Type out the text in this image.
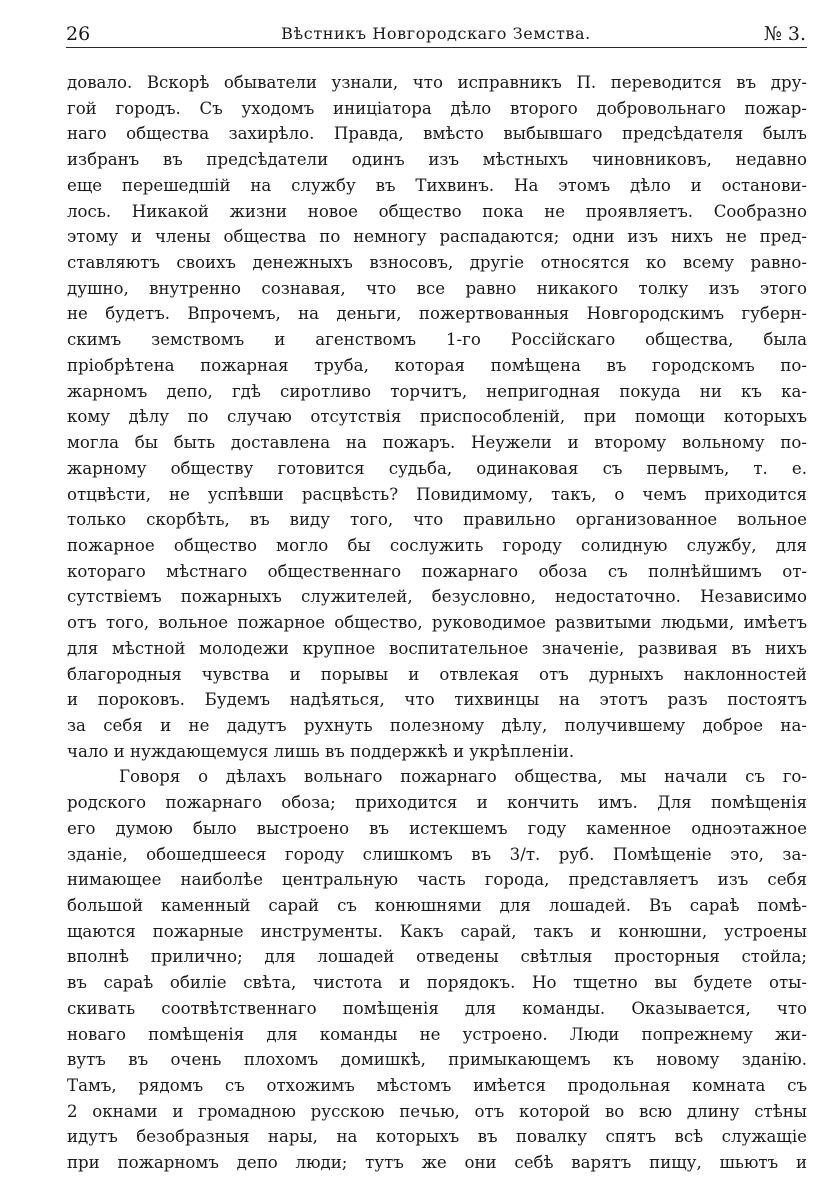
26	Вѣстникъ Новгородскаго Земства.	№ 3.
довало. Вскорѣ обыватели узнали, что исправникъ П. переводится въ дру-
гой городъ. Съ уходомъ иниціатора дѣло второго добровольнаго пожар-
наго общества захирѣло. Правда, вмѣсто выбывшаго предсѣдателя былъ
избранъ въ предсѣдатели одинъ изъ мѣстныхъ чиновниковъ, недавно
еще перешедшій на службу въ Тихвинъ. На этомъ дѣло и останови-
лось. Никакой жизни новое общество пока не проявляетъ. Сообразно
этому и члены общества по немногу распадаются; одни изъ нихъ не пред-
ставляютъ своихъ денежныхъ взносовъ, другіе относятся ко всему равно-
душно, внутренно сознавая, что все равно никакого толку изъ этого
не будетъ. Впрочемъ, на деньги, пожертвованныя Новгородскимъ губерн-
скимъ земствомъ и агенствомъ 1-го Россійскаго общества, была
пріобрѣтена пожарная труба, которая помѣщена въ городскомъ по-
жарномъ депо, гдѣ сиротливо торчитъ, непригодная покуда ни къ ка-
кому дѣлу по случаю отсутствія приспособленій, при помощи которыхъ
могла бы быть доставлена на пожаръ. Неужели и второму вольному по-
жарному обществу готовится судьба, одинаковая съ первымъ, т. е.
отцвѣсти, не успѣвши расцвѣсть? Повидимому, такъ, о чемъ приходится
только скорбѣть, въ виду того, что правильно организованное вольное
пожарное общество могло бы сослужить городу солидную службу, для
котораго мѣстнаго общественнаго пожарнаго обоза съ полнѣйшимъ от-
сутствіемъ пожарныхъ служителей, безусловно, недостаточно. Независимо
отъ того, вольное пожарное общество, руководимое развитыми людьми, имѣетъ
для мѣстной молодежи крупное воспитательное значеніе, развивая въ нихъ
благородныя чувства и порывы и отвлекая отъ дурныхъ наклонностей
и пороковъ. Будемъ надѣяться, что тихвинцы на этотъ разъ постоятъ
за себя и не дадутъ рухнуть полезному дѣлу, получившему доброе на-
чало и нуждающемуся лишь въ поддержкѣ и укрѣпленіи.
Говоря о дѣлахъ вольнаго пожарнаго общества, мы начали съ го-
родского пожарнаго обоза; приходится и кончить имъ. Для помѣщенія
его думою было выстроено въ истекшемъ году каменное одноэтажное
зданіе, обошедшееся городу слишкомъ въ 3/т. руб. Помѣщеніе это, за-
нимающее наиболѣе центральную часть города, представляетъ изъ себя
большой каменный сарай съ конюшнями для лошадей. Въ сараѣ помѣ-
щаются пожарные инструменты. Какъ сарай, такъ и конюшни, устроены
вполнѣ прилично; для лошадей отведены свѣтлыя просторныя стойла;
въ сараѣ обиліе свѣта, чистота и порядокъ. Но тщетно вы будете оты-
скивать соотвѣтственнаго помѣщенія для команды. Оказывается, что
новаго помѣщенія для команды не устроено. Люди попрежнему жи-
вутъ въ очень плохомъ домишкѣ, примыкающемъ къ новому зданію.
Тамъ, рядомъ съ отхожимъ мѣстомъ имѣется продольная комната съ
2 окнами и громадною русскою печью, отъ которой во всю длину стѣны
идутъ безобразныя нары, на которыхъ въ повалку спятъ всѣ служащіе
при пожарномъ депо люди; тутъ же они себѣ варятъ пищу, шьютъ и
